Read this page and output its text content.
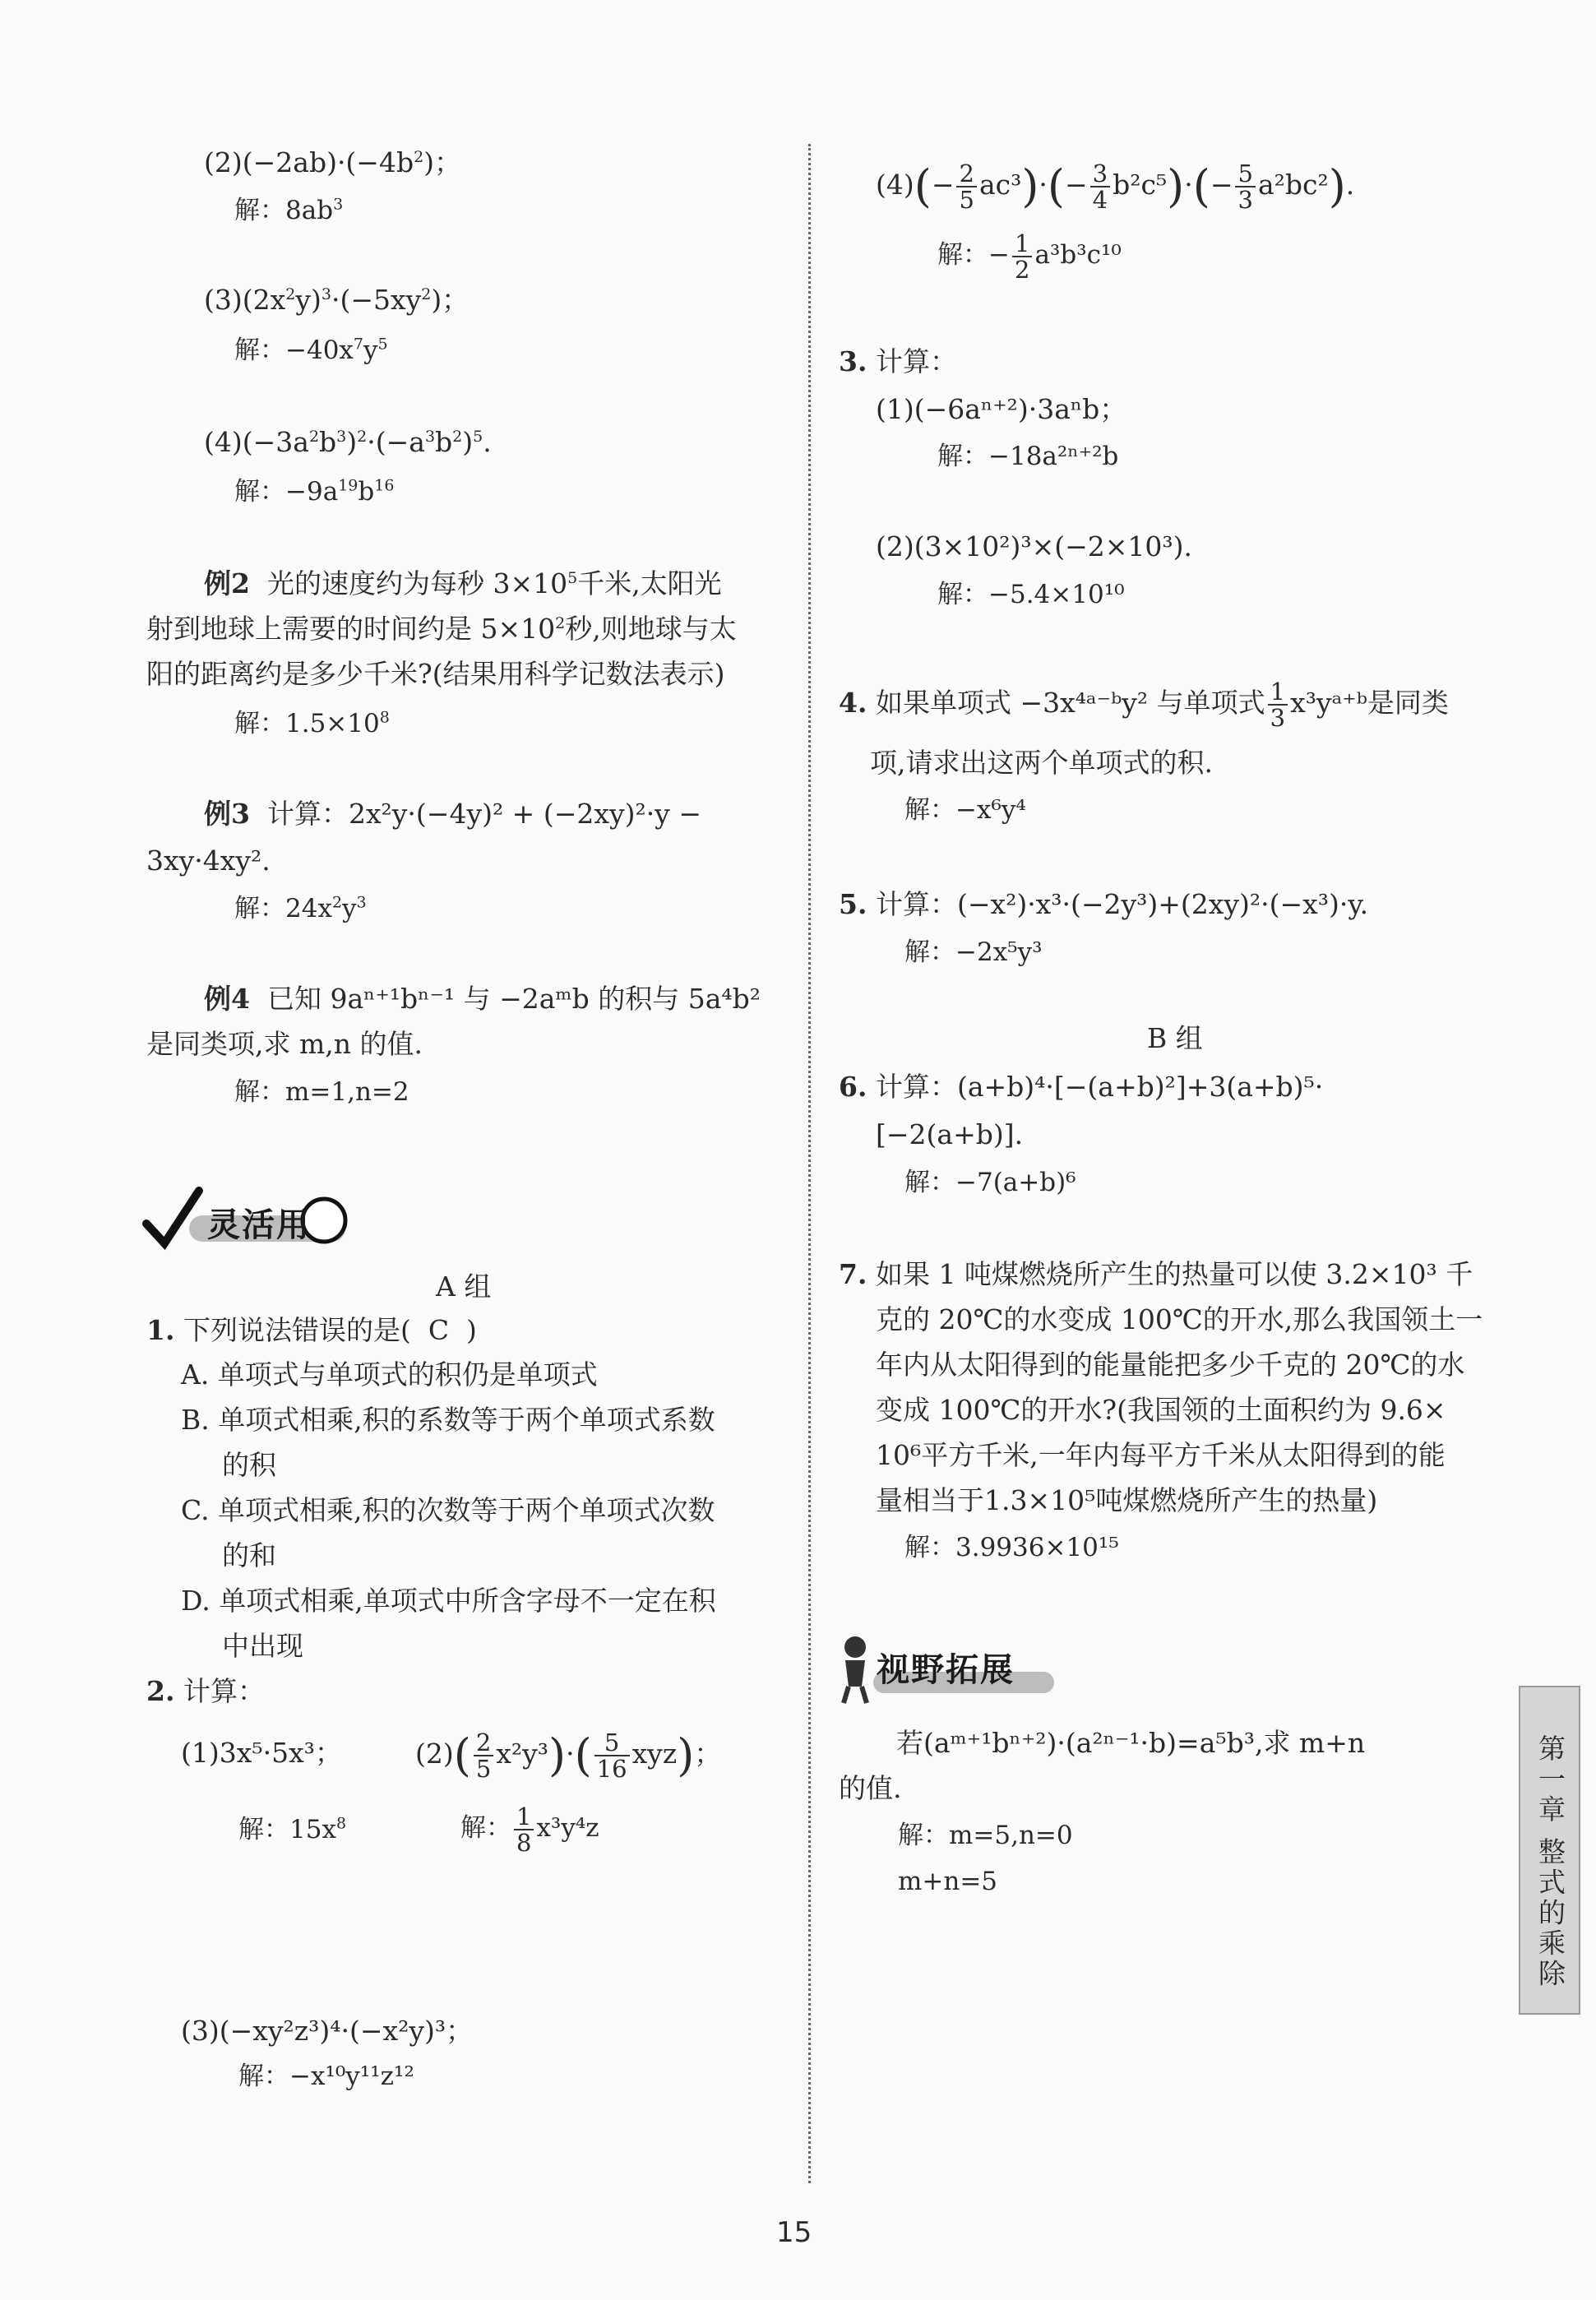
$(2)(-2ab)\cdot(-4b^2)$；
解：$8ab^3$
$(3)(2x^2y)^3\cdot(-5xy^2)$；
解：$-40x^7y^5$
$(4)(-3a^2b^3)^2\cdot(-a^3b^2)^5$.
解：$-9a^{19}b^{16}$
例2 光的速度约为每秒 $3\times 10^5$千米,太阳光
射到地球上需要的时间约是 $5\times 10^2$秒,则地球与太
阳的距离约是多少千米?(结果用科学记数法表示)
解：$1.5\times 10^8$
例3 计算：2x²y·(−4y)² + (−2xy)²·y −
3xy·4xy².
解：$24x^2y^3$
例4 已知 9aⁿ⁺¹bⁿ⁻¹ 与 −2aᵐb 的积与 5a⁴b²
是同类项,求 m,n 的值.
解：m=1,n=2
灵活用
A 组
1. 下列说法错误的是( C )
A. 单项式与单项式的积仍是单项式
B. 单项式相乘,积的系数等于两个单项式系数
的积
C. 单项式相乘,积的次数等于两个单项式次数
的和
D. 单项式相乘,单项式中所含字母不一定在积
中出现
2. 计算：
(1)3x⁵·5x³；	$(2)( \frac{2}{5} x^2y^3)\cdot( \frac{5}{16} xyz)$；
解：$15x^8$	解： $\frac{1}{8} x^3y^4z$
(3)(−xy²z³)⁴·(−x²y)³；
解：−x¹⁰y¹¹z¹²
$(4)(- \frac{2}{5} ac^3)\cdot(- \frac{3}{4} b^2c^5)\cdot(- \frac{5}{3} a^2bc^2)$.
解：− $\frac{1}{2} a^3b^3c^{10}$
3. 计算：
(1)(−6aⁿ⁺²)·3aⁿb；
解：−18a²ⁿ⁺²b
(2)(3×10²)³×(−2×10³).
解：−5.4×10¹⁰
4. 如果单项式 −3x⁴ᵃ⁻ᵇy² 与单项式 $\frac{1}{3}$ x³yᵃ⁺ᵇ是同类
项,请求出这两个单项式的积.
解：−x⁶y⁴
5. 计算：(−x²)·x³·(−2y³)+(2xy)²·(−x³)·y.
解：−2x⁵y³
B 组
6. 计算：(a+b)⁴·[−(a+b)²]+3(a+b)⁵·
[−2(a+b)].
解：−7(a+b)⁶
7. 如果 1 吨煤燃烧所产生的热量可以使 3.2×10³ 千
克的 20℃的水变成 100℃的开水,那么我国领土一
年内从太阳得到的能量能把多少千克的 20℃的水
变成 100℃的开水?(我国领的土面积约为 9.6×
10⁶平方千米,一年内每平方千米从太阳得到的能
量相当于1.3×10⁵吨煤燃烧所产生的热量)
解：3.9936×10¹⁵
视野拓展
若(aᵐ⁺¹bⁿ⁺²)·(a²ⁿ⁻¹·b)=a⁵b³,求 m+n
的值.
解：m=5,n=0
m+n=5	第一章 整式的乘除
15
